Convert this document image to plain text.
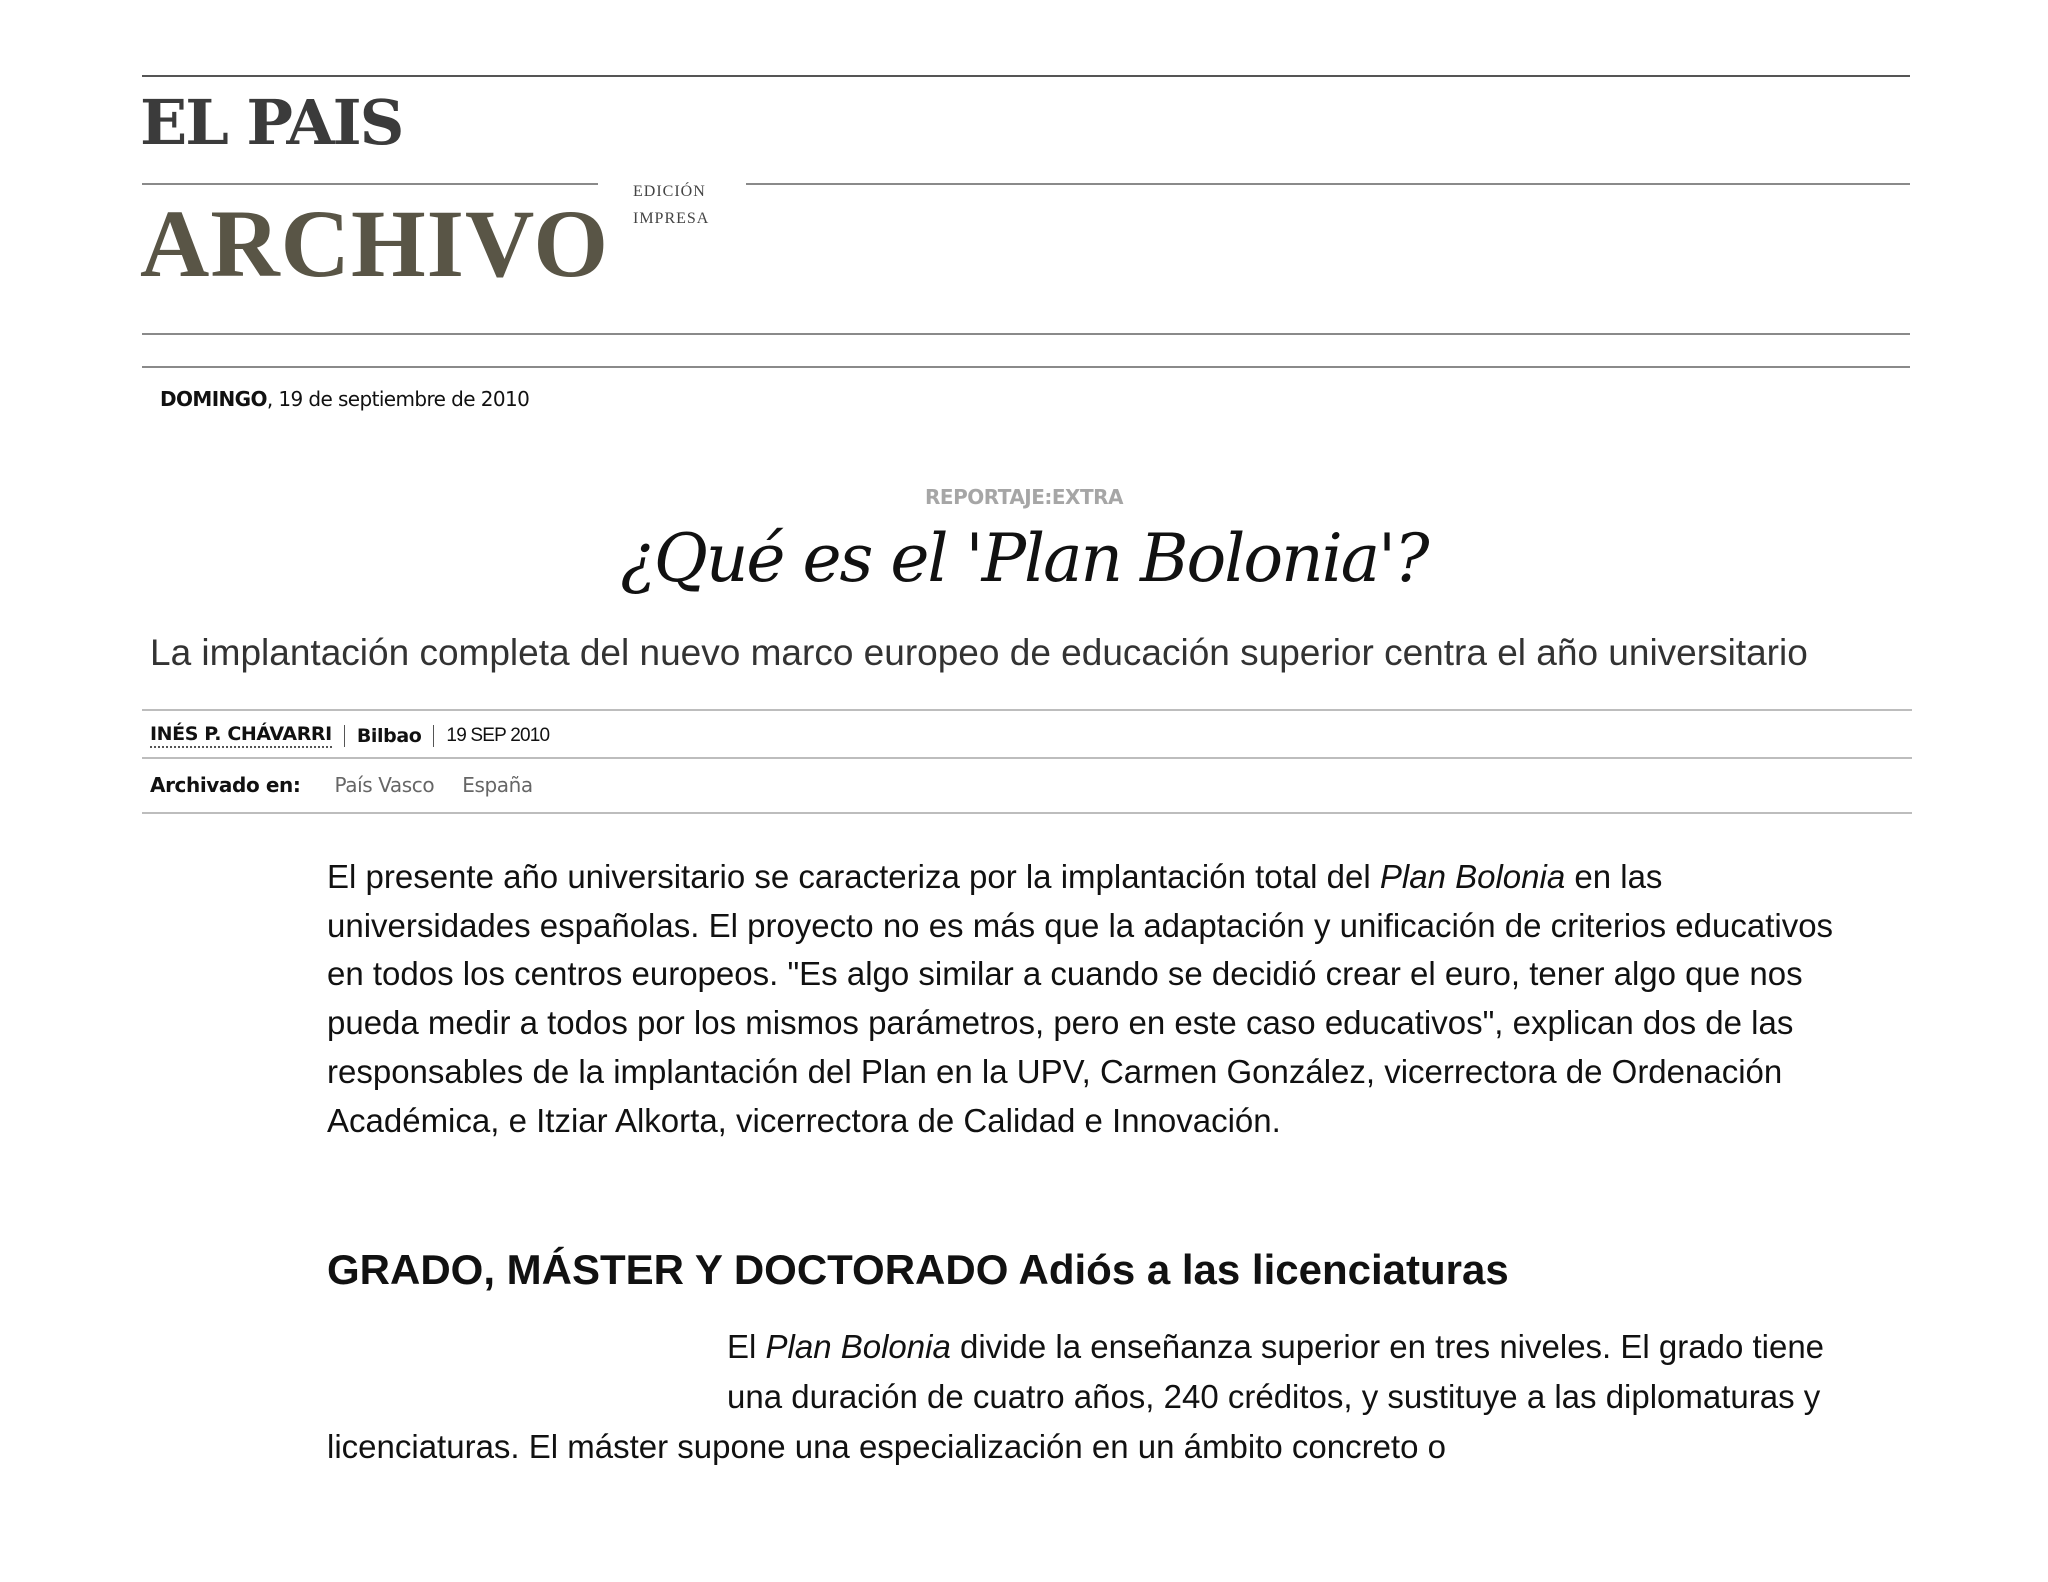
EL PAIS
ARCHIVO EDICIÓN
IMPRESA
DOMINGO, 19 de septiembre de 2010
REPORTAJE:EXTRA
¿Qué es el 'Plan Bolonia'?
La implantación completa del nuevo marco europeo de educación superior centra el año universitario
INÉS P. CHÁVARRI Bilbao 19 SEP 2010
Archivado en: País Vasco España
El presente año universitario se caracteriza por la implantación total del Plan Bolonia en las universidades españolas. El proyecto no es más que la adaptación y unificación de criterios educativos en todos los centros europeos. "Es algo similar a cuando se decidió crear el euro, tener algo que nos pueda medir a todos por los mismos parámetros, pero en este caso educativos", explican dos de las responsables de la implantación del Plan en la UPV, Carmen González, vicerrectora de Ordenación Académica, e Itziar Alkorta, vicerrectora de Calidad e Innovación.
GRADO, MÁSTER Y DOCTORADO Adiós a las licenciaturas
El Plan Bolonia divide la enseñanza superior en tres niveles. El grado tiene una duración de cuatro años, 240 créditos, y sustituye a las diplomaturas y licenciaturas. El máster supone una especialización en un ámbito concreto o
